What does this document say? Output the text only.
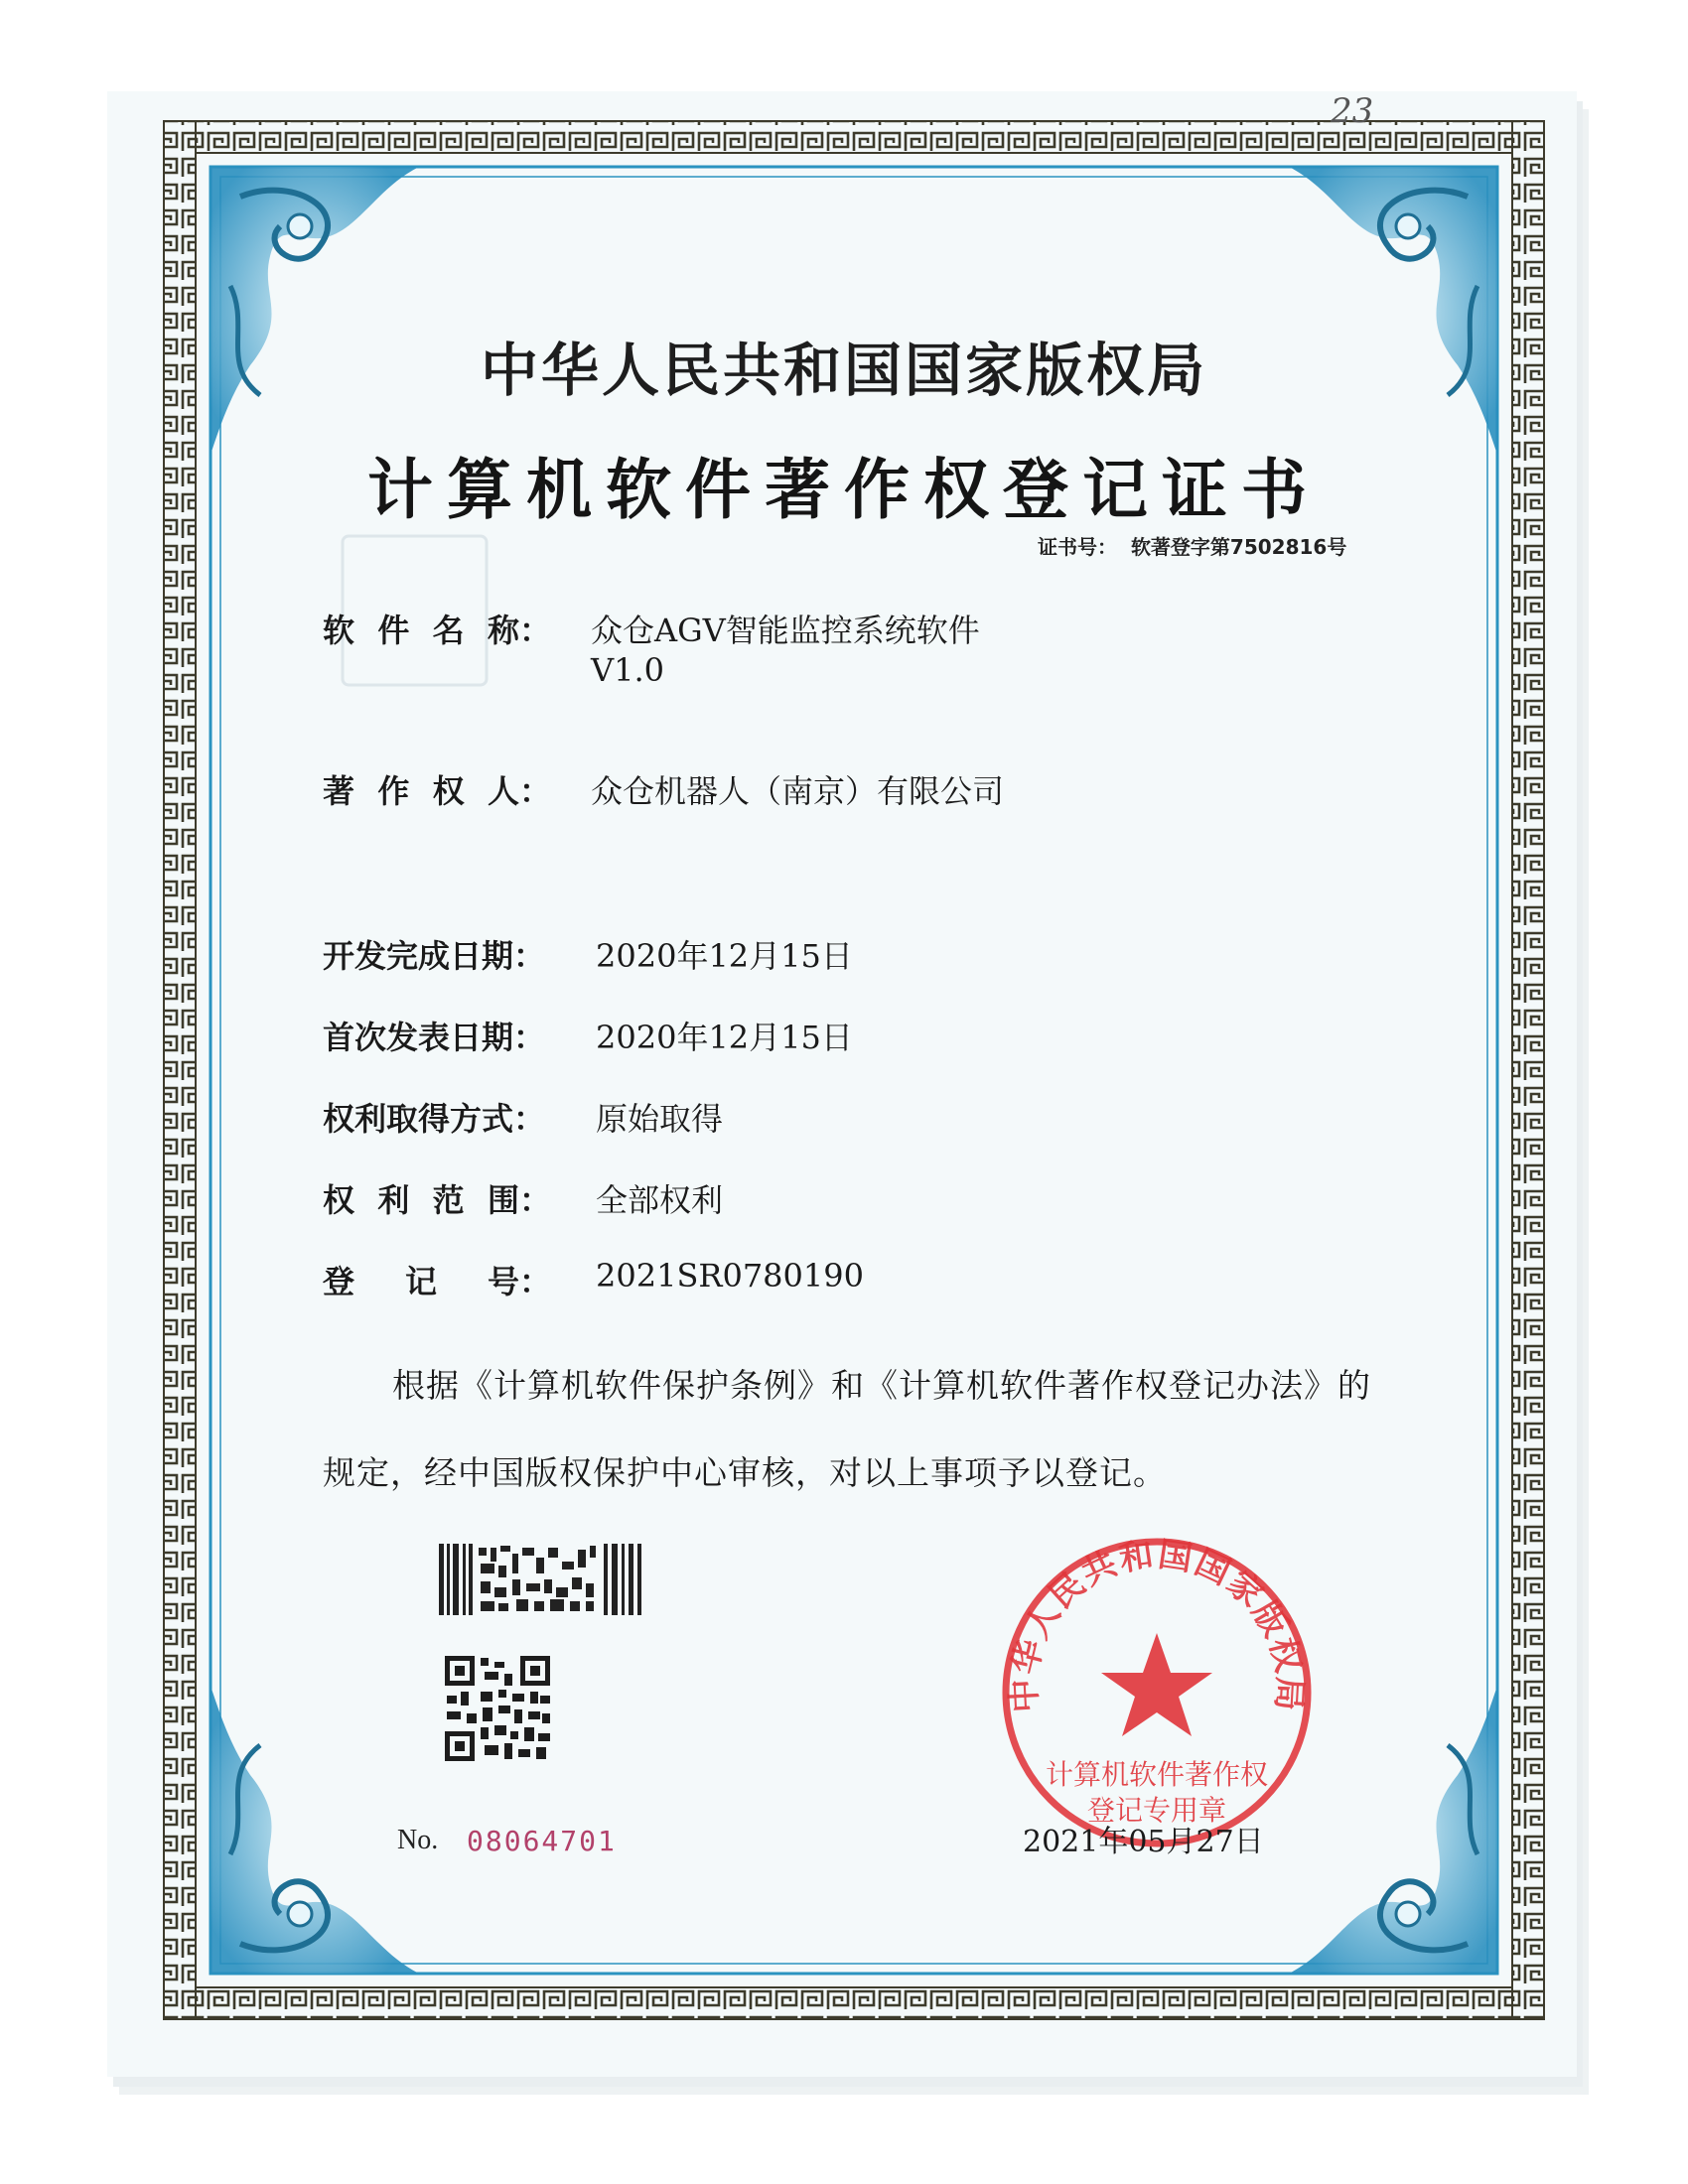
23
中华人民共和国国家版权局
计算机软件著作权登记证书
证书号： 软著登字第7502816号
软 件 名 称： 众仓AGV智能监控系统软件
V1.0
著 作 权 人： 众仓机器人（南京）有限公司
开发完成日期： 2020年12月15日
首次发表日期： 2020年12月15日
权利取得方式： 原始取得
权 利 范 围： 全部权利
登 记 号： 2021SR0780190
根据《计算机软件保护条例》和《计算机软件著作权登记办法》的
规定，经中国版权保护中心审核，对以上事项予以登记。
No. 08064701
中华人民共和国国家版权局
计算机软件著作权
登记专用章
2021年05月27日
